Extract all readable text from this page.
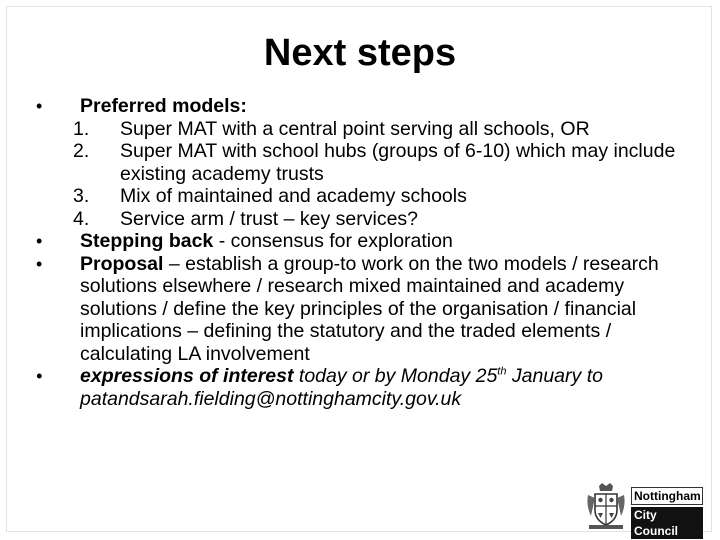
Next steps
• Preferred models:
1. Super MAT with a central point serving all schools, OR
2. Super MAT with school hubs (groups of 6-10) which may include existing academy trusts
3. Mix of maintained and academy schools
4. Service arm / trust – key services?
• Stepping back - consensus for exploration
• Proposal – establish a group-to work on the two models / research solutions elsewhere / research mixed maintained and academy solutions / define the key principles of the organisation / financial implications – defining the statutory and the traded elements / calculating LA involvement
• expressions of interest today or by Monday 25th January to patandsarah.fielding@nottinghamcity.gov.uk
Nottingham
City Council
